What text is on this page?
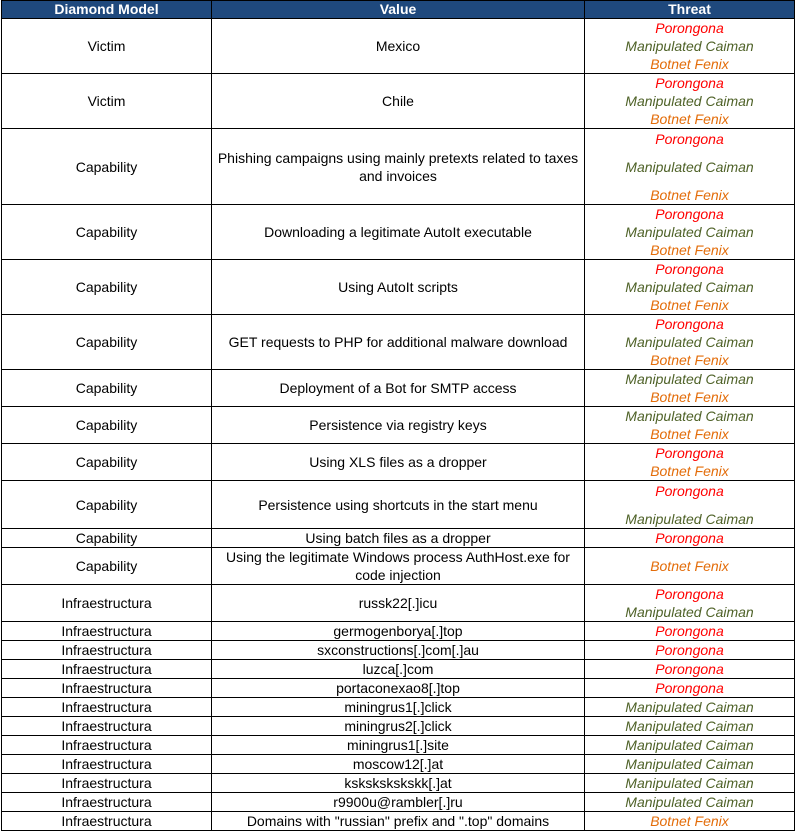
Diamond Model	Value	Threat
Victim	Mexico	Porongona
Manipulated Caiman
Botnet Fenix

Victim	Chile	Porongona
Manipulated Caiman
Botnet Fenix

Capability	Phishing campaigns using mainly pretexts related to taxes and invoices	Porongona
Manipulated Caiman
Botnet Fenix

Capability	Downloading a legitimate AutoIt executable	Porongona
Manipulated Caiman
Botnet Fenix

Capability	Using AutoIt scripts	Porongona
Manipulated Caiman
Botnet Fenix

Capability	GET requests to PHP for additional malware download	Porongona
Manipulated Caiman
Botnet Fenix

Capability	Deployment of a Bot for SMTP access	Manipulated Caiman
Botnet Fenix

Capability	Persistence via registry keys	Manipulated Caiman
Botnet Fenix

Capability	Using XLS files as a dropper	Porongona
Botnet Fenix

Capability	Persistence using shortcuts in the start menu	Porongona
Manipulated Caiman

Capability	Using batch files as a dropper	Porongona

Capability	Using the legitimate Windows process AuthHost.exe for code injection	Botnet Fenix

Infraestructura	russk22[.]icu	Porongona
Manipulated Caiman

Infraestructura	germogenborya[.]top	Porongona

Infraestructura	sxconstructions[.]com[.]au	Porongona

Infraestructura	luzca[.]com	Porongona

Infraestructura	portaconexao8[.]top	Porongona

Infraestructura	miningrus1[.]click	Manipulated Caiman

Infraestructura	miningrus2[.]click	Manipulated Caiman

Infraestructura	miningrus1[.]site	Manipulated Caiman

Infraestructura	moscow12[.]at	Manipulated Caiman

Infraestructura	kskskskskskk[.]at	Manipulated Caiman

Infraestructura	r9900u@rambler[.]ru	Manipulated Caiman

Infraestructura	Domains with "russian" prefix and ".top" domains	Botnet Fenix
